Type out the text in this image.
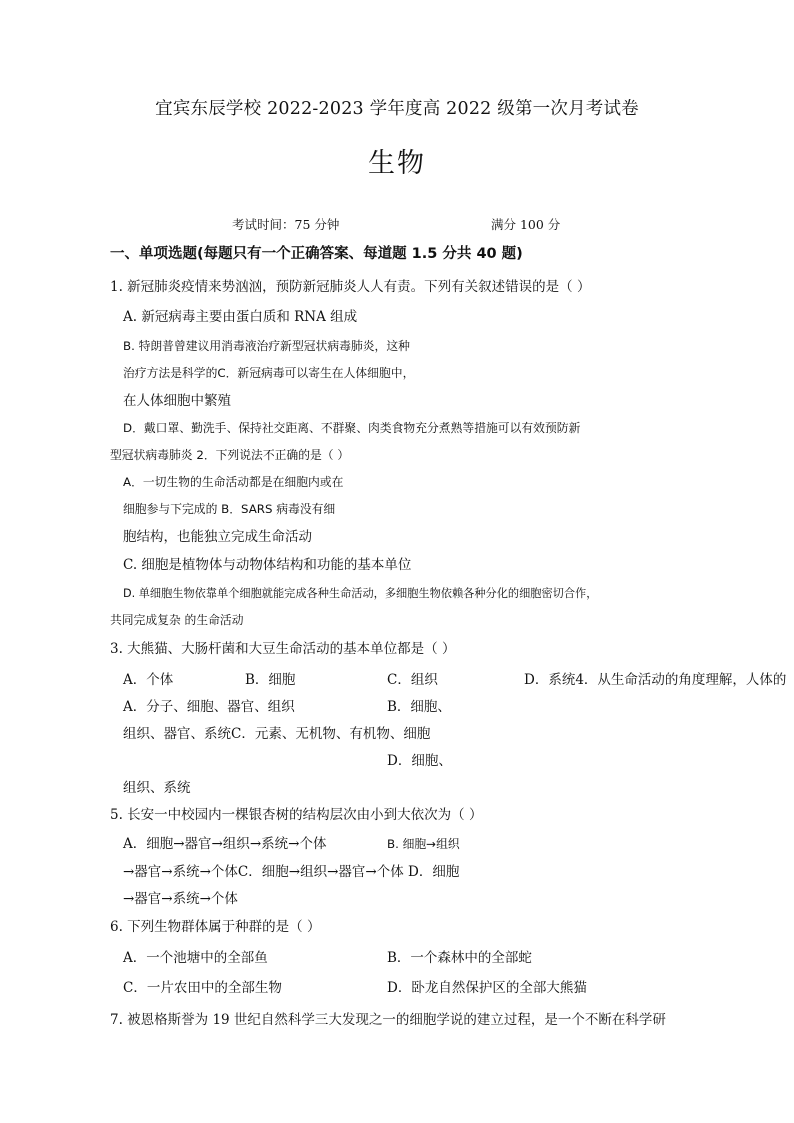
宜宾东辰学校 2022-2023 学年度高 2022 级第一次月考试卷
生物
考试时间：75 分钟	满分 100 分
一、单项选题(每题只有一个正确答案、每道题 1.5 分共 40 题)
1. 新冠肺炎疫情来势汹汹，预防新冠肺炎人人有责。下列有关叙述错误的是（ ）
A. 新冠病毒主要由蛋白质和 RNA 组成
B. 特朗普曾建议用消毒液治疗新型冠状病毒肺炎，这种
治疗方法是科学的C．新冠病毒可以寄生在人体细胞中，
在人体细胞中繁殖
D．戴口罩、勤洗手、保持社交距离、不群聚、肉类食物充分煮熟等措施可以有效预防新
型冠状病毒肺炎 2．下列说法不正确的是（ ）
A．一切生物的生命活动都是在细胞内或在
细胞参与下完成的 B．SARS 病毒没有细
胞结构，也能独立完成生命活动
C. 细胞是植物体与动物体结构和功能的基本单位
D. 单细胞生物依靠单个细胞就能完成各种生命活动，多细胞生物依赖各种分化的细胞密切合作，
共同完成复杂 的生命活动
3. 大熊猫、大肠杆菌和大豆生命活动的基本单位都是（ ）
A．个体	B．细胞	C．组织	D．系统4．从生命活动的角度理解，人体的
A．分子、细胞、器官、组织	B．细胞、
组织、器官、系统C．元素、无机物、有机物、细胞
D．细胞、
组织、系统
5. 长安一中校园内一棵银杏树的结构层次由小到大依次为（ ）
A．细胞→器官→组织→系统→个体	B. 细胞→组织
→器官→系统→个体C．细胞→组织→器官→个体 D．细胞
→器官→系统→个体
6. 下列生物群体属于种群的是（ ）
A．一个池塘中的全部鱼	B．一个森林中的全部蛇
C．一片农田中的全部生物	D．卧龙自然保护区的全部大熊猫
7. 被恩格斯誉为 19 世纪自然科学三大发现之一的细胞学说的建立过程，是一个不断在科学研
